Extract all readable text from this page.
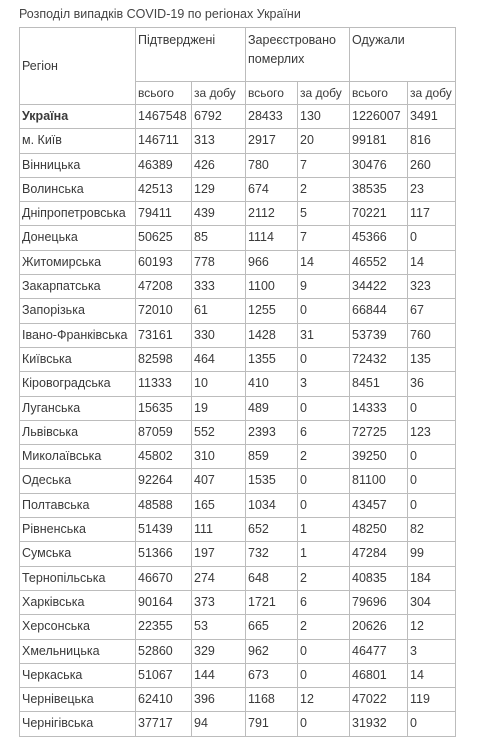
Розподіл випадків COVID-19 по регіонах України
Регіон	Підтверджені		Зареєстровано померлих		Одужали	
	всього	за добу	всього	за добу	всього	за добу
Україна	1467548	6792	28433	130	1226007	3491
м. Київ	146711	313	2917	20	99181	816
Вінницька	46389	426	780	7	30476	260
Волинська	42513	129	674	2	38535	23
Дніпропетровська	79411	439	2112	5	70221	117
Донецька	50625	85	1114	7	45366	0
Житомирська	60193	778	966	14	46552	14
Закарпатська	47208	333	1100	9	34422	323
Запорізька	72010	61	1255	0	66844	67
Івано-Франківська	73161	330	1428	31	53739	760
Київська	82598	464	1355	0	72432	135
Кіровоградська	11333	10	410	3	8451	36
Луганська	15635	19	489	0	14333	0
Львівська	87059	552	2393	6	72725	123
Миколаївська	45802	310	859	2	39250	0
Одеська	92264	407	1535	0	81100	0
Полтавська	48588	165	1034	0	43457	0
Рівненська	51439	111	652	1	48250	82
Сумська	51366	197	732	1	47284	99
Тернопільська	46670	274	648	2	40835	184
Харківська	90164	373	1721	6	79696	304
Херсонська	22355	53	665	2	20626	12
Хмельницька	52860	329	962	0	46477	3
Черкаська	51067	144	673	0	46801	14
Чернівецька	62410	396	1168	12	47022	119
Чернігівська	37717	94	791	0	31932	0
